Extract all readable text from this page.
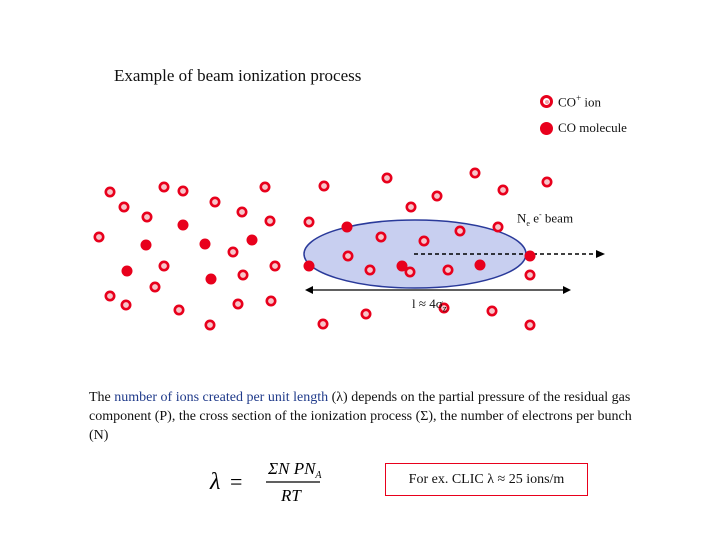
Example of beam ionization process
CO+ ion
CO molecule
$N_e$ e- beam
$l \approx 4\sigma_z$
The number of ions created per unit length (λ) depends on the partial pressure of the residual gas component (P), the cross section of the ionization process (Σ), the number of electrons per bunch (N)
λ =
ΣN $PN_A$
RT
For ex. CLIC λ ≈ 25 ions/m
